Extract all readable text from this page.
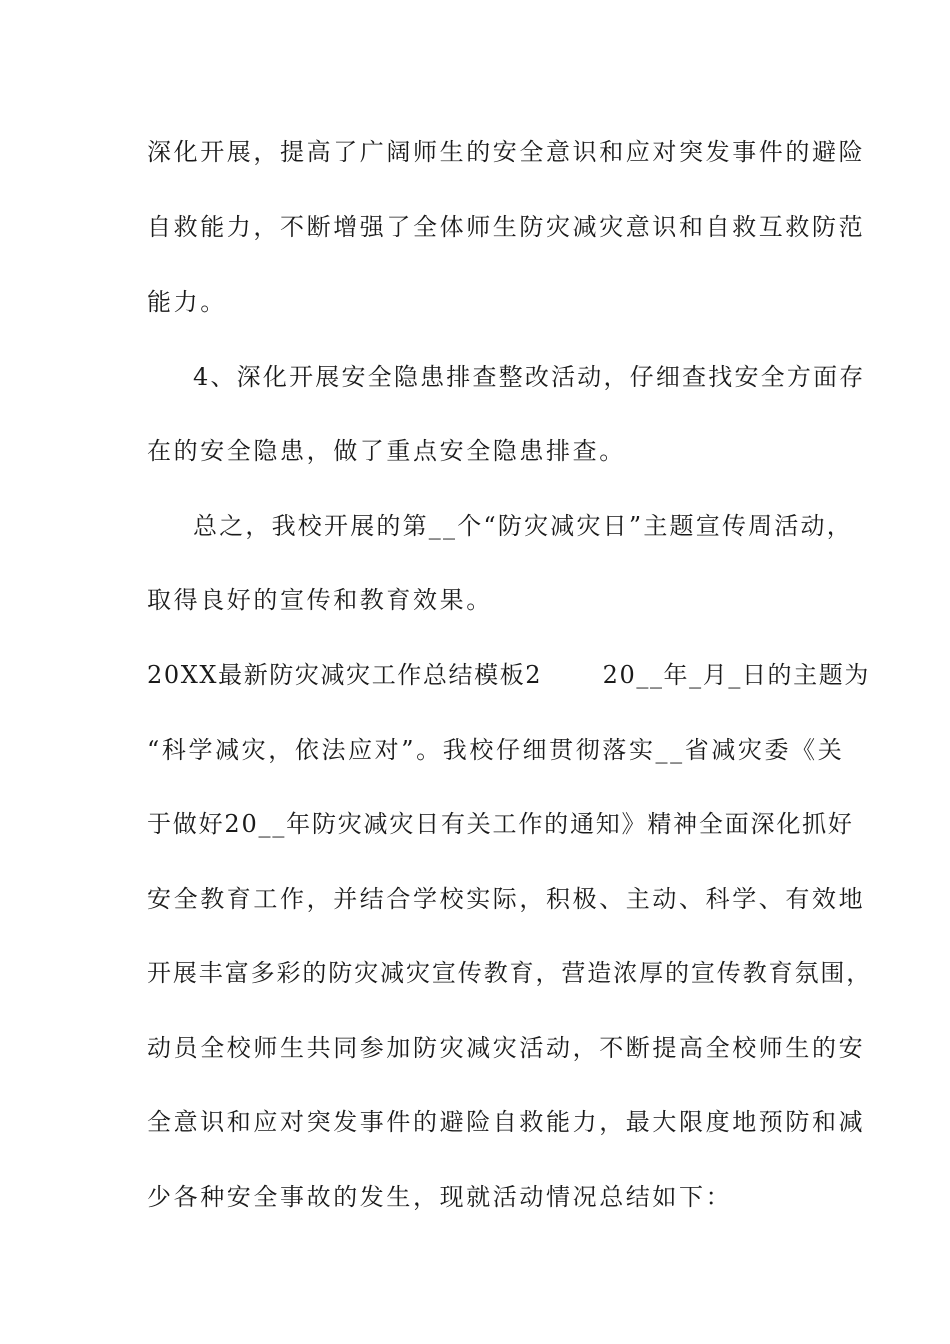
深化开展，提高了广阔师生的安全意识和应对突发事件的避险

自救能力，不断增强了全体师生防灾减灾意识和自救互救防范

能力。

4、深化开展安全隐患排查整改活动，仔细查找安全方面存

在的安全隐患，做了重点安全隐患排查。

总之，我校开展的第__个“防灾减灾日”主题宣传周活动，

取得良好的宣传和教育效果。

20XX最新防灾减灾工作总结模板2　　 20__年_月_日的主题为

“科学减灾，依法应对”。我校仔细贯彻落实__省减灾委《关

于做好20__年防灾减灾日有关工作的通知》精神全面深化抓好

安全教育工作，并结合学校实际，积极、主动、科学、有效地

开展丰富多彩的防灾减灾宣传教育，营造浓厚的宣传教育氛围，

动员全校师生共同参加防灾减灾活动，不断提高全校师生的安

全意识和应对突发事件的避险自救能力，最大限度地预防和减

少各种安全事故的发生，现就活动情况总结如下：
